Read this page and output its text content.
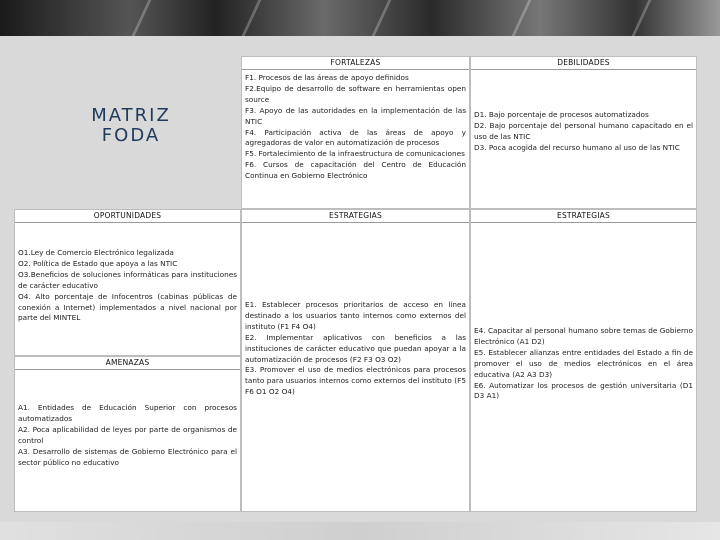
MATRIZ
FODA
FORTALEZAS

F1. Procesos de las áreas de apoyo definidos

F2.Equipo de desarrollo de software en herramientas open source

F3. Apoyo de las autoridades en la implementación de las NTIC

F4. Participación activa de las áreas de apoyo y agregadoras de valor en automatización de procesos

F5. Fortalecimiento de la infraestructura de comunicaciones

F6. Cursos de capacitación del Centro de Educación Continua en Gobierno Electrónico

DEBILIDADES

D1. Bajo porcentaje de procesos automatizados

D2. Bajo porcentaje del personal humano capacitado en el uso de las NTIC

D3. Poca acogida del recurso humano al uso de las NTIC

OPORTUNIDADES

O1.Ley de Comercio Electrónico legalizada

O2. Política de Estado que apoya a las NTIC

O3.Beneficios de soluciones informáticas para instituciones de carácter educativo

O4. Alto porcentaje de Infocentros (cabinas públicas de conexión a Internet) implementados a nivel nacional por parte del MINTEL

ESTRATEGIAS

E1. Establecer procesos prioritarios de acceso en línea destinado a los usuarios tanto internos como externos del instituto (F1 F4 O4)

E2. Implementar aplicativos con beneficios a las instituciones de carácter educativo que puedan apoyar a la automatización de procesos (F2 F3 O3 O2)

E3. Promover el uso de medios electrónicos para procesos tanto para usuarios internos como externos del instituto (F5 F6 O1 O2 O4)

ESTRATEGIAS

E4. Capacitar al personal humano sobre temas de Gobierno Electrónico (A1 D2)

E5. Establecer alianzas entre entidades del Estado a fin de promover el uso de medios electrónicos en el área educativa (A2 A3 D3)

E6. Automatizar los procesos de gestión universitaria (D1 D3 A1)

AMENAZAS

A1. Entidades de Educación Superior con procesos automatizados

A2. Poca aplicabilidad de leyes por parte de organismos de control

A3. Desarrollo de sistemas de Gobierno Electrónico para el sector público no educativo
